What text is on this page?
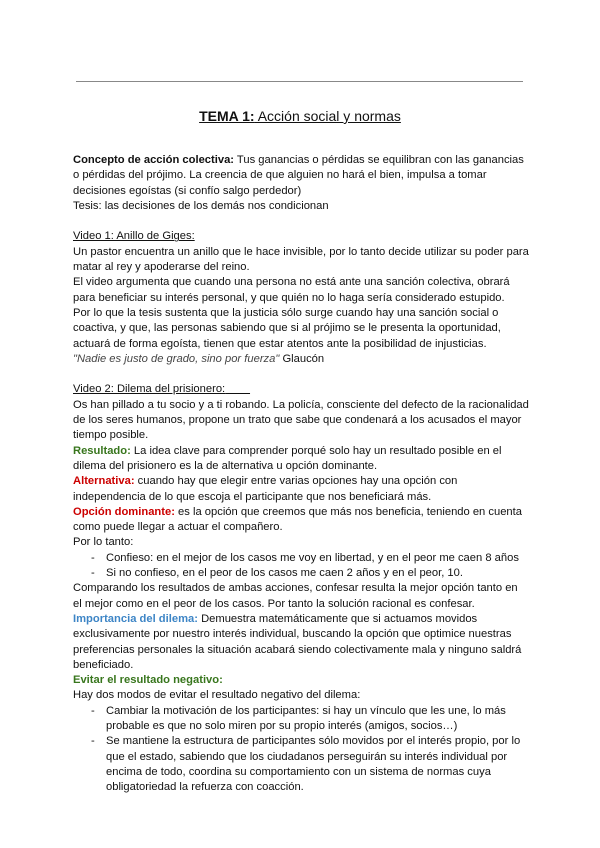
TEMA 1: Acción social y normas

Concepto de acción colectiva: Tus ganancias o pérdidas se equilibran con las ganancias o pérdidas del prójimo. La creencia de que alguien no hará el bien, impulsa a tomar decisiones egoístas (si confío salgo perdedor)

Tesis: las decisiones de los demás nos condicionan

Video 1: Anillo de Giges:

Un pastor encuentra un anillo que le hace invisible, por lo tanto decide utilizar su poder para matar al rey y apoderarse del reino.

El video argumenta que cuando una persona no está ante una sanción colectiva, obrará para beneficiar su interés personal, y que quién no lo haga sería considerado estupido.

Por lo que la tesis sustenta que la justicia sólo surge cuando hay una sanción social o coactiva, y que, las personas sabiendo que si al prójimo se le presenta la oportunidad, actuará de forma egoísta, tienen que estar atentos ante la posibilidad de injusticias.

"Nadie es justo de grado, sino por fuerza" Glaucón

Video 2: Dilema del prisionero:

Os han pillado a tu socio y a ti robando. La policía, consciente del defecto de la racionalidad de los seres humanos, propone un trato que sabe que condenará a los acusados el mayor tiempo posible.

Resultado: La idea clave para comprender porqué solo hay un resultado posible en el dilema del prisionero es la de alternativa u opción dominante.

Alternativa: cuando hay que elegir entre varias opciones hay una opción con independencia de lo que escoja el participante que nos beneficiará más.

Opción dominante: es la opción que creemos que más nos beneficia, teniendo en cuenta como puede llegar a actuar el compañero.

Por lo tanto:

- Confieso: en el mejor de los casos me voy en libertad, y en el peor me caen 8 años
- Si no confieso, en el peor de los casos me caen 2 años y en el peor, 10.

Comparando los resultados de ambas acciones, confesar resulta la mejor opción tanto en el mejor como en el peor de los casos. Por tanto la solución racional es confesar.

Importancia del dilema: Demuestra matemáticamente que si actuamos movidos exclusivamente por nuestro interés individual, buscando la opción que optimice nuestras preferencias personales la situación acabará siendo colectivamente mala y ninguno saldrá beneficiado.

Evitar el resultado negativo:

Hay dos modos de evitar el resultado negativo del dilema:

- Cambiar la motivación de los participantes: si hay un vínculo que les une, lo más probable es que no solo miren por su propio interés (amigos, socios…)
- Se mantiene la estructura de participantes sólo movidos por el interés propio, por lo que el estado, sabiendo que los ciudadanos perseguirán su interés individual por encima de todo, coordina su comportamiento con un sistema de normas cuya obligatoriedad la refuerza con coacción.
